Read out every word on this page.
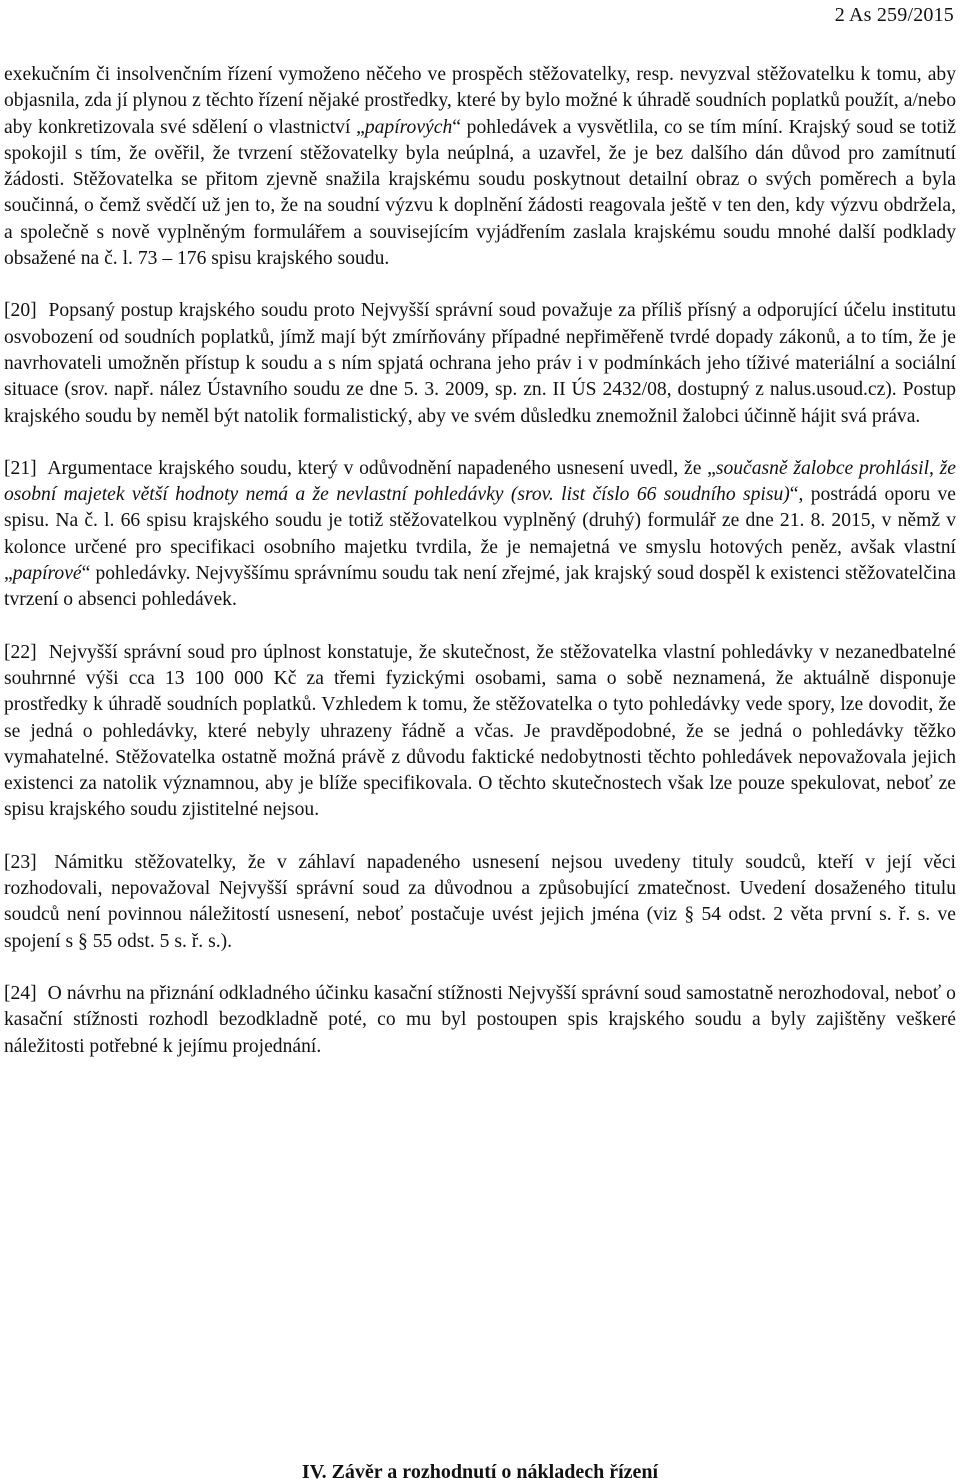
2 As 259/2015

exekučním či insolvenčním řízení vymoženo něčeho ve prospěch stěžovatelky, resp. nevyzval stěžovatelku k tomu, aby objasnila, zda jí plynou z těchto řízení nějaké prostředky, které by bylo možné k úhradě soudních poplatků použít, a/nebo aby konkretizovala své sdělení o vlastnictví „papírových“ pohledávek a vysvětlila, co se tím míní. Krajský soud se totiž spokojil s tím, že ověřil, že tvrzení stěžovatelky byla neúplná, a uzavřel, že je bez dalšího dán důvod pro zamítnutí žádosti. Stěžovatelka se přitom zjevně snažila krajskému soudu poskytnout detailní obraz o svých poměrech a byla součinná, o čemž svědčí už jen to, že na soudní výzvu k doplnění žádosti reagovala ještě v ten den, kdy výzvu obdržela, a společně s nově vyplněným formulářem a souvisejícím vyjádřením zaslala krajskému soudu mnohé další podklady obsažené na č. l. 73 – 176 spisu krajského soudu.

[20] Popsaný postup krajského soudu proto Nejvyšší správní soud považuje za příliš přísný a odporující účelu institutu osvobození od soudních poplatků, jímž mají být zmírňovány případné nepřiměřeně tvrdé dopady zákonů, a to tím, že je navrhovateli umožněn přístup k soudu a s ním spjatá ochrana jeho práv i v podmínkách jeho tíživé materiální a sociální situace (srov. např. nález Ústavního soudu ze dne 5. 3. 2009, sp. zn. II ÚS 2432/08, dostupný z nalus.usoud.cz). Postup krajského soudu by neměl být natolik formalistický, aby ve svém důsledku znemožnil žalobci účinně hájit svá práva.

[21] Argumentace krajského soudu, který v odůvodnění napadeného usnesení uvedl, že „současně žalobce prohlásil, že osobní majetek větší hodnoty nemá a že nevlastní pohledávky (srov. list číslo 66 soudního spisu)“, postrádá oporu ve spisu. Na č. l. 66 spisu krajského soudu je totiž stěžovatelkou vyplněný (druhý) formulář ze dne 21. 8. 2015, v němž v kolonce určené pro specifikaci osobního majetku tvrdila, že je nemajetná ve smyslu hotových peněz, avšak vlastní „papírové“ pohledávky. Nejvyššímu správnímu soudu tak není zřejmé, jak krajský soud dospěl k existenci stěžovatelčina tvrzení o absenci pohledávek.

[22] Nejvyšší správní soud pro úplnost konstatuje, že skutečnost, že stěžovatelka vlastní pohledávky v nezanedbatelné souhrnné výši cca 13 100 000 Kč za třemi fyzickými osobami, sama o sobě neznamená, že aktuálně disponuje prostředky k úhradě soudních poplatků. Vzhledem k tomu, že stěžovatelka o tyto pohledávky vede spory, lze dovodit, že se jedná o pohledávky, které nebyly uhrazeny řádně a včas. Je pravděpodobné, že se jedná o pohledávky těžko vymahatelné. Stěžovatelka ostatně možná právě z důvodu faktické nedobytnosti těchto pohledávek nepovažovala jejich existenci za natolik významnou, aby je blíže specifikovala. O těchto skutečnostech však lze pouze spekulovat, neboť ze spisu krajského soudu zjistitelné nejsou.

[23] Námitku stěžovatelky, že v záhlaví napadeného usnesení nejsou uvedeny tituly soudců, kteří v její věci rozhodovali, nepovažoval Nejvyšší správní soud za důvodnou a způsobující zmatečnost. Uvedení dosaženého titulu soudců není povinnou náležitostí usnesení, neboť postačuje uvést jejich jména (viz § 54 odst. 2 věta první s. ř. s. ve spojení s § 55 odst. 5 s. ř. s.).

[24] O návrhu na přiznání odkladného účinku kasační stížnosti Nejvyšší správní soud samostatně nerozhodoval, neboť o kasační stížnosti rozhodl bezodkladně poté, co mu byl postoupen spis krajského soudu a byly zajištěny veškeré náležitosti potřebné k jejímu projednání.

IV. Závěr a rozhodnutí o nákladech řízení
